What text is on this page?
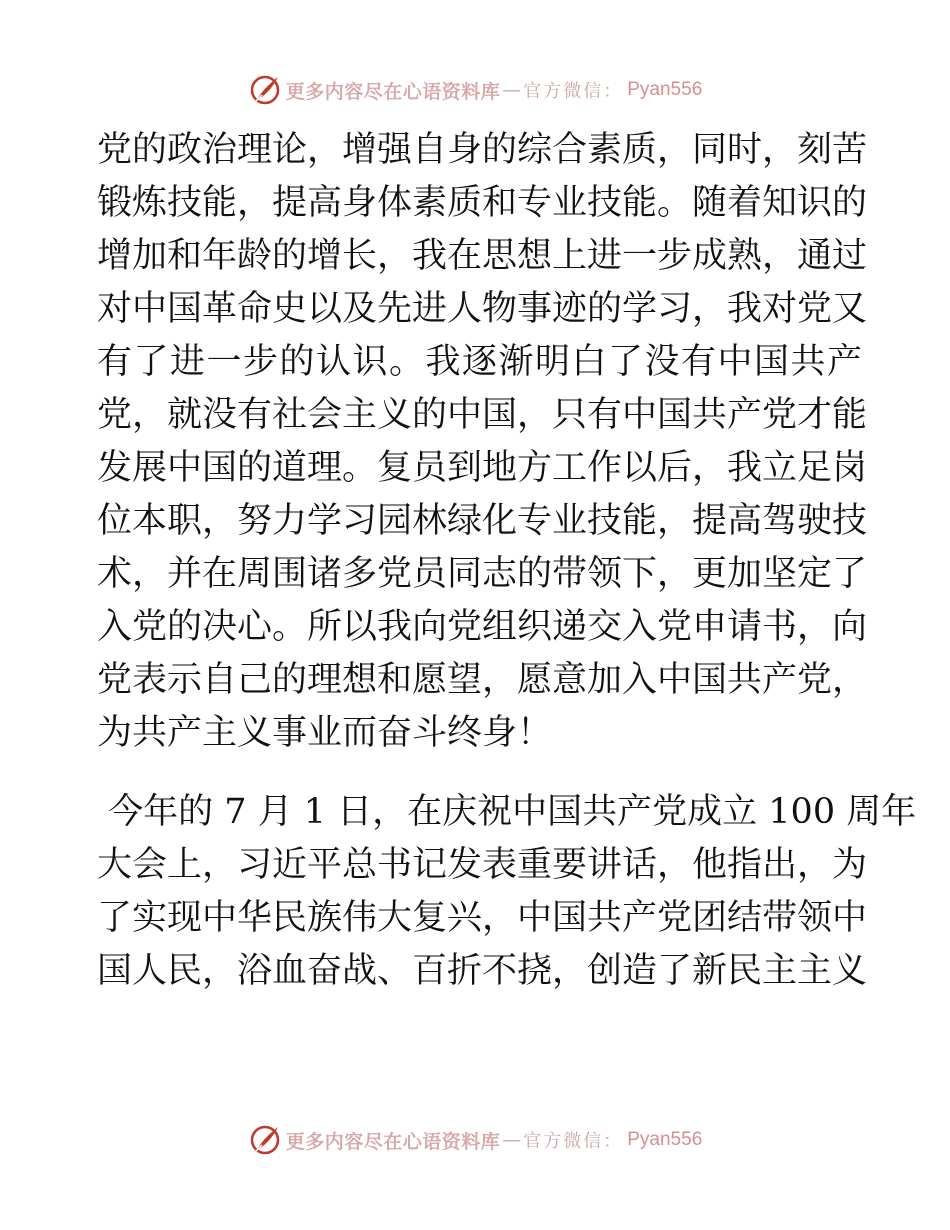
更多内容尽在心语资料库 — 官方微信： Pyan556
党的政治理论，增强自身的综合素质，同时，刻苦
锻炼技能，提高身体素质和专业技能。随着知识的
增加和年龄的增长，我在思想上进一步成熟，通过
对中国革命史以及先进人物事迹的学习，我对党又
有了进一步的认识。我逐渐明白了没有中国共产
党，就没有社会主义的中国，只有中国共产党才能
发展中国的道理。复员到地方工作以后，我立足岗
位本职，努力学习园林绿化专业技能，提高驾驶技
术，并在周围诸多党员同志的带领下，更加坚定了
入党的决心。所以我向党组织递交入党申请书，向
党表示自己的理想和愿望，愿意加入中国共产党，
为共产主义事业而奋斗终身！
今年的 7 月 1 日，在庆祝中国共产党成立 100 周年
大会上，习近平总书记发表重要讲话，他指出，为
了实现中华民族伟大复兴，中国共产党团结带领中
国人民，浴血奋战、百折不挠，创造了新民主主义
更多内容尽在心语资料库 — 官方微信： Pyan556
